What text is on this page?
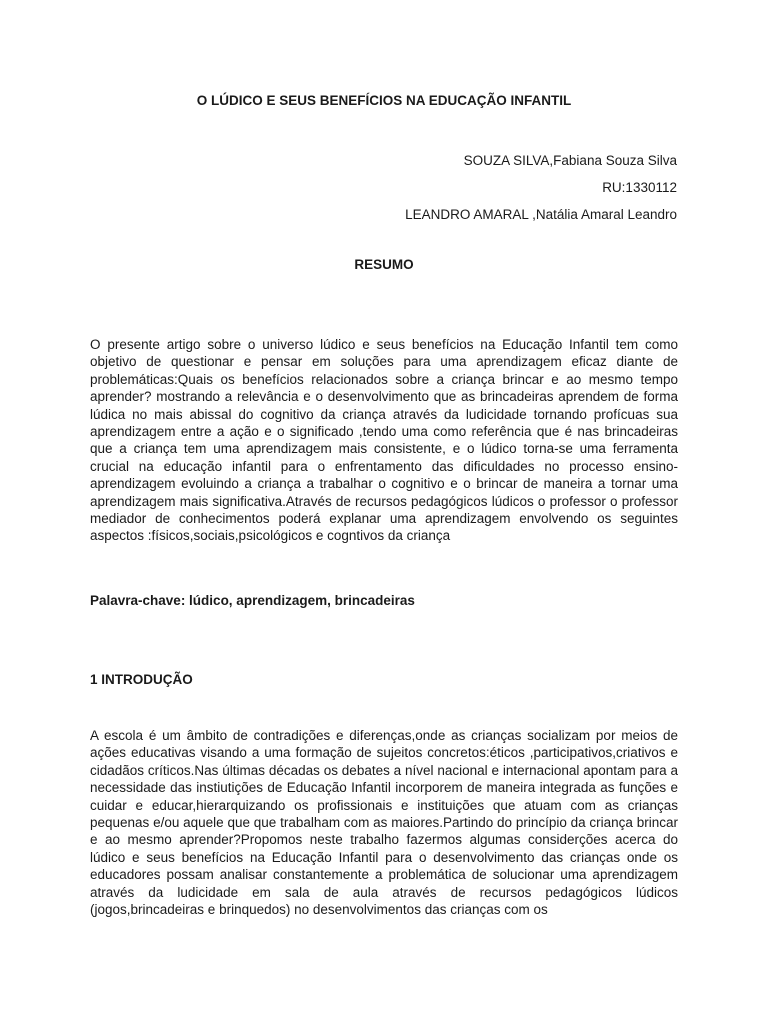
O LÚDICO E SEUS BENEFÍCIOS NA EDUCAÇÃO INFANTIL
SOUZA SILVA,Fabiana Souza Silva
RU:1330112
LEANDRO AMARAL ,Natália Amaral Leandro
RESUMO

O presente artigo sobre o universo lúdico e seus benefícios na Educação Infantil tem como objetivo de questionar e pensar em soluções para uma aprendizagem eficaz diante de problemáticas:Quais os benefícios relacionados sobre a criança brincar e ao mesmo tempo aprender? mostrando a relevância e o desenvolvimento que as brincadeiras aprendem de forma lúdica no mais abissal do cognitivo da criança através da ludicidade tornando profícuas sua aprendizagem entre a ação e o significado ,tendo uma como referência que é nas brincadeiras que a criança tem uma aprendizagem mais consistente, e o lúdico torna-se uma ferramenta crucial na educação infantil para o enfrentamento das dificuldades no processo ensino-aprendizagem evoluindo a criança a trabalhar o cognitivo e o brincar de maneira a tornar uma aprendizagem mais significativa.Através de recursos pedagógicos lúdicos o professor o professor mediador de conhecimentos poderá explanar uma aprendizagem envolvendo os seguintes aspectos :físicos,sociais,psicológicos e cogntivos da criança

Palavra-chave: lúdico, aprendizagem, brincadeiras
1 INTRODUÇÃO

A escola é um âmbito de contradições e diferenças,onde as crianças socializam por meios de ações educativas visando a uma formação de sujeitos concretos:éticos ,participativos,criativos e cidadãos críticos.Nas últimas décadas os debates a nível nacional e internacional apontam para a necessidade das instiutições de Educação Infantil incorporem de maneira integrada as funções e cuidar e educar,hierarquizando os profissionais e instituições que atuam com as crianças pequenas e/ou aquele que que trabalham com as maiores.Partindo do princípio da criança brincar e ao mesmo aprender?Propomos neste trabalho fazermos algumas considerções acerca do lúdico e seus benefícios na Educação Infantil para o desenvolvimento das crianças onde os educadores possam analisar constantemente a problemática de solucionar uma aprendizagem através da ludicidade em sala de aula através de recursos pedagógicos lúdicos (jogos,brincadeiras e brinquedos) no desenvolvimentos das crianças com os
